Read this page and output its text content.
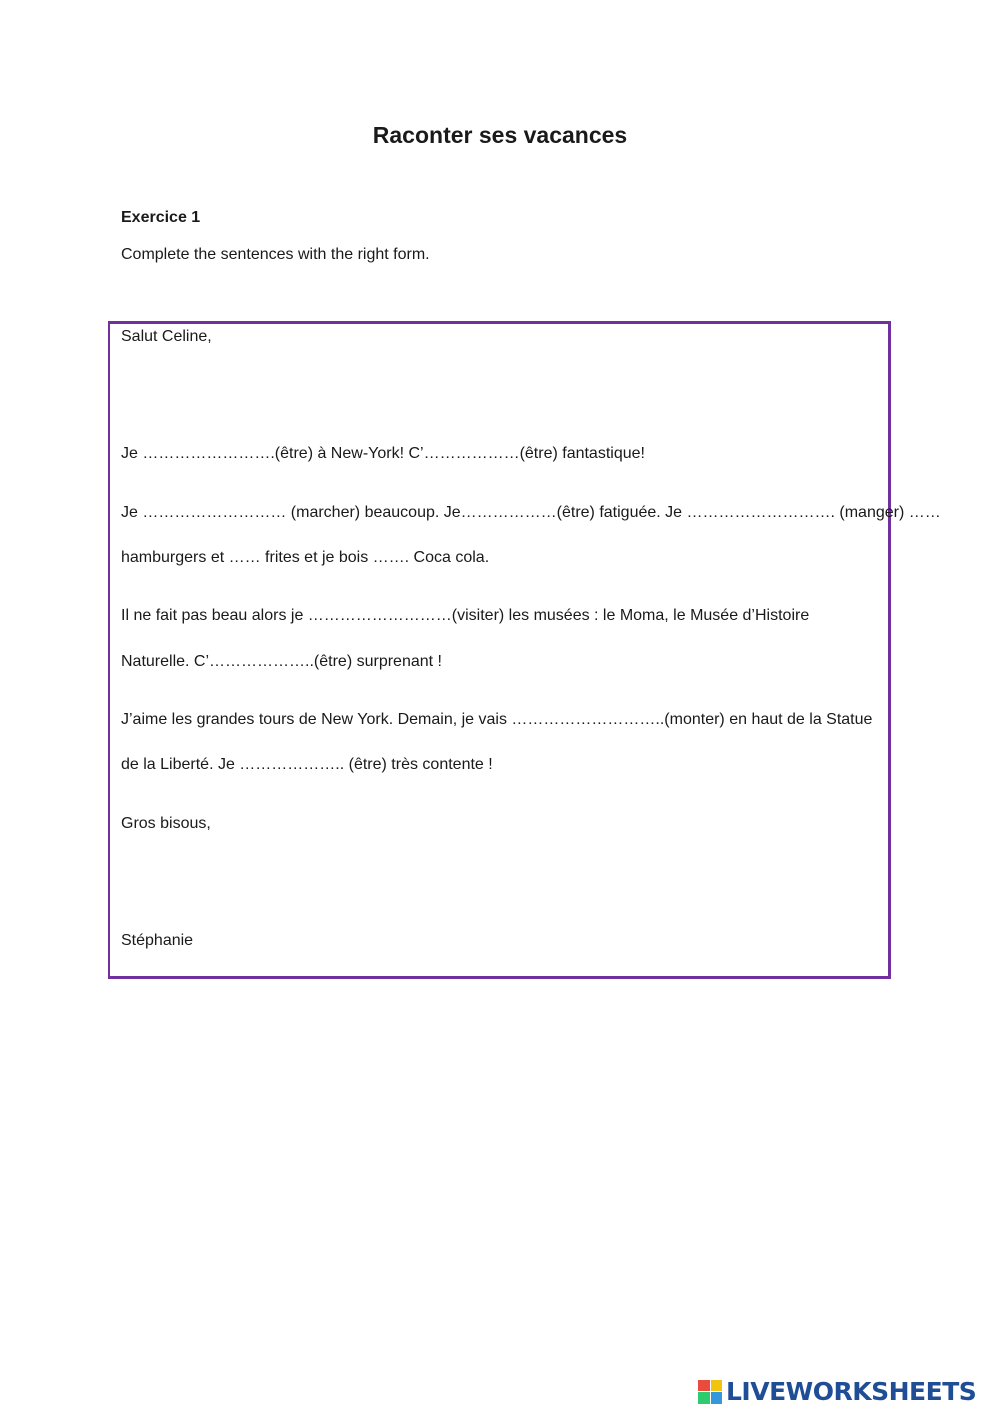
Raconter ses vacances
Exercice 1
Complete the sentences with the right form.
Salut Celine,
Je …………………….(être) à New-York! C’………………(être) fantastique!
Je ……………………… (marcher) beaucoup. Je………………(être) fatiguée. Je ………………………. (manger) ……
hamburgers et …… frites et je bois ……. Coca cola.
Il ne fait pas beau alors je ………………………(visiter) les musées : le Moma, le Musée d’Histoire
Naturelle. C’………………..(être) surprenant !
J’aime les grandes tours de New York. Demain, je vais ………………………..(monter) en haut de la Statue
de la Liberté. Je ……………….. (être) très contente !
Gros bisous,
Stéphanie
LIVEWORKSHEETS
